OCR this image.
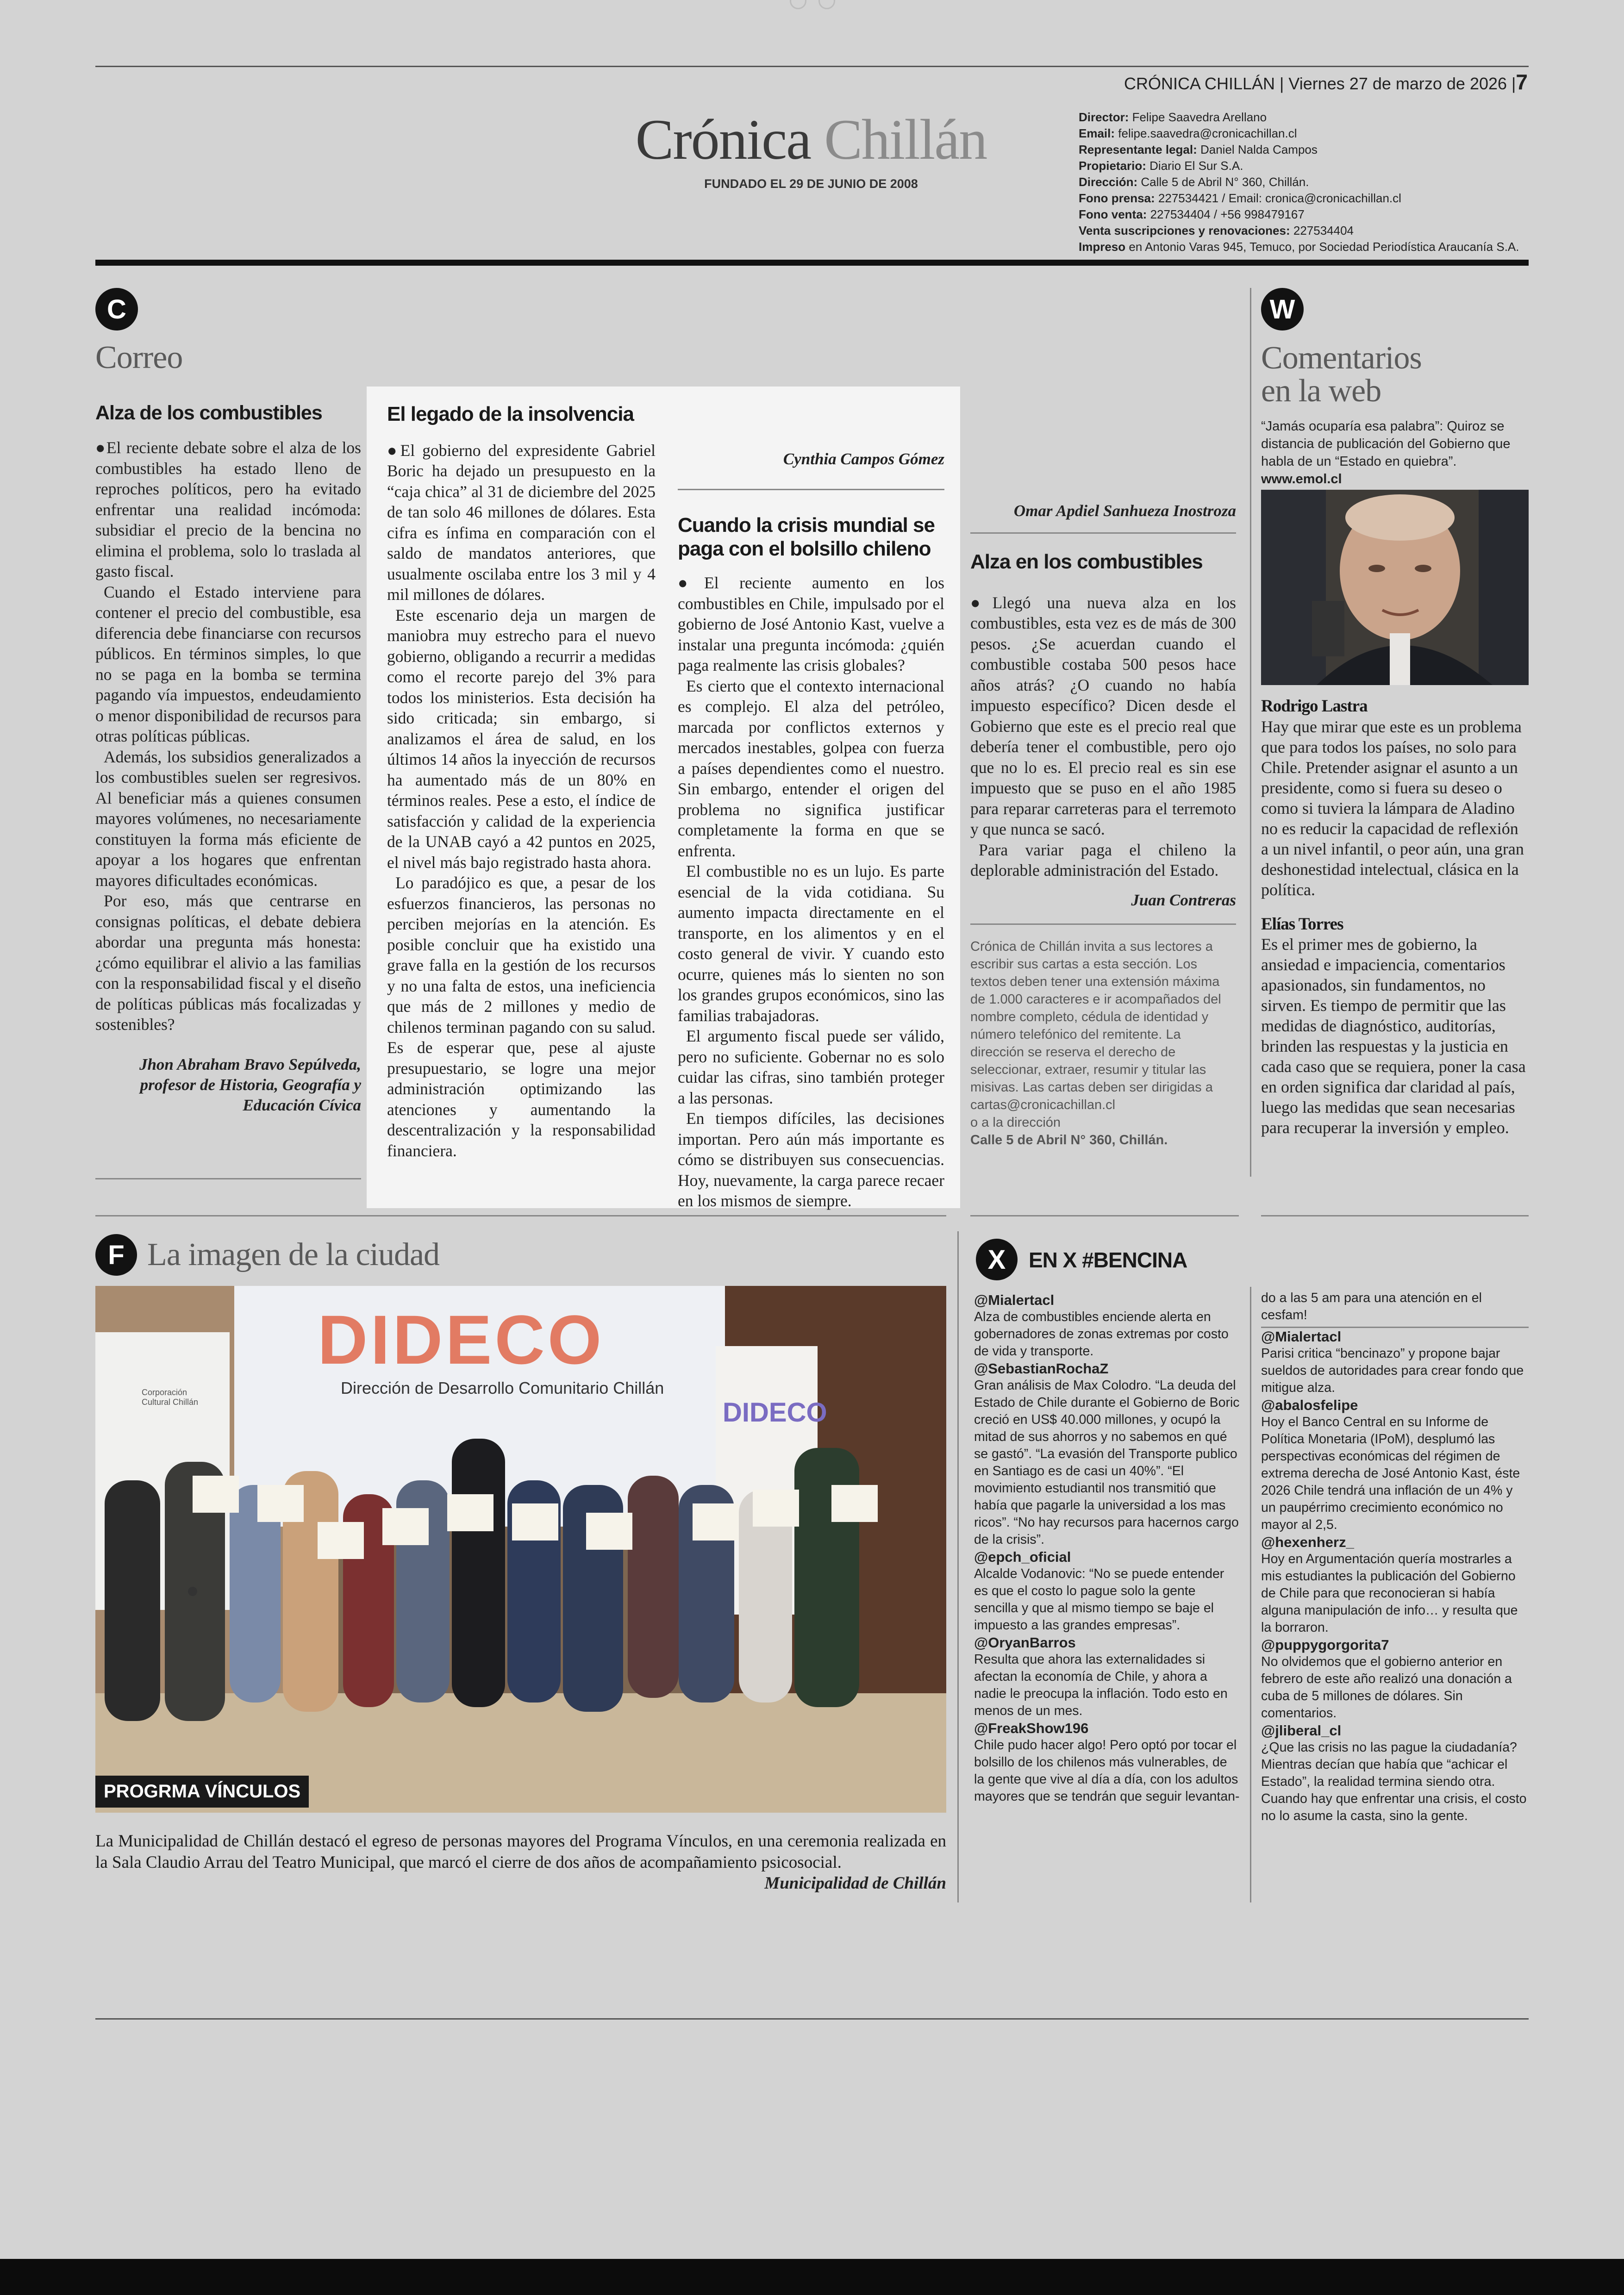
CRÓNICA CHILLÁN | Viernes 27 de marzo de 2026 |7
Crónica Chillán
FUNDADO EL 29 DE JUNIO DE 2008
Director: Felipe Saavedra Arellano
Email: felipe.saavedra@cronicachillan.cl
Representante legal: Daniel Nalda Campos
Propietario: Diario El Sur S.A.
Dirección: Calle 5 de Abril N° 360, Chillán.
Fono prensa: 227534421 / Email: cronica@cronicachillan.cl
Fono venta: 227534404 / +56 998479167
Venta suscripciones y renovaciones: 227534404
Impreso en Antonio Varas 945, Temuco, por Sociedad Periodística Araucanía S.A.
C
Correo
Alza de los combustibles

●El reciente debate sobre el alza de los combustibles ha estado lleno de reproches políticos, pero ha evitado enfrentar una realidad incómoda: subsidiar el precio de la bencina no elimina el problema, solo lo traslada al gasto fiscal.

Cuando el Estado interviene para contener el precio del combustible, esa diferencia debe financiarse con recursos públicos. En términos simples, lo que no se paga en la bomba se termina pagando vía impuestos, endeudamiento o menor disponibilidad de recursos para otras políticas públicas.

Además, los subsidios generalizados a los combustibles suelen ser regresivos. Al beneficiar más a quienes consumen mayores volúmenes, no necesariamente constituyen la forma más eficiente de apoyar a los hogares que enfrentan mayores dificultades económicas.

Por eso, más que centrarse en consignas políticas, el debate debiera abordar una pregunta más honesta: ¿cómo equilibrar el alivio a las familias con la responsabilidad fiscal y el diseño de políticas públicas más focalizadas y sostenibles?

Jhon Abraham Bravo Sepúlveda, profesor de Historia, Geografía y Educación Cívica
El legado de la insolvencia

●El gobierno del expresidente Gabriel Boric ha dejado un presupuesto en la “caja chica” al 31 de diciembre del 2025 de tan solo 46 millones de dólares. Esta cifra es ínfima en comparación con el saldo de mandatos anteriores, que usualmente oscilaba entre los 3 mil y 4 mil millones de dólares.

Este escenario deja un margen de maniobra muy estrecho para el nuevo gobierno, obligando a recurrir a medidas como el recorte parejo del 3% para todos los ministerios. Esta decisión ha sido criticada; sin embargo, si analizamos el área de salud, en los últimos 14 años la inyección de recursos ha aumentado más de un 80% en términos reales. Pese a esto, el índice de satisfacción y calidad de la experiencia de la UNAB cayó a 42 puntos en 2025, el nivel más bajo registrado hasta ahora.

Lo paradójico es que, a pesar de los esfuerzos financieros, las personas no perciben mejorías en la atención. Es posible concluir que ha existido una grave falla en la gestión de los recursos y no una falta de estos, una ineficiencia que más de 2 millones y medio de chilenos terminan pagando con su salud. Es de esperar que, pese al ajuste presupuestario, se logre una mejor administración optimizando las atenciones y aumentando la descentralización y la responsabilidad financiera.

Cynthia Campos Gómez
Cuando la crisis mundial se paga con el bolsillo chileno

●El reciente aumento en los combustibles en Chile, impulsado por el gobierno de José Antonio Kast, vuelve a instalar una pregunta incómoda: ¿quién paga realmente las crisis globales?

Es cierto que el contexto internacional es complejo. El alza del petróleo, marcada por conflictos externos y mercados inestables, golpea con fuerza a países dependientes como el nuestro. Sin embargo, entender el origen del problema no significa justificar completamente la forma en que se enfrenta.

El combustible no es un lujo. Es parte esencial de la vida cotidiana. Su aumento impacta directamente en el transporte, en los alimentos y en el costo general de vivir. Y cuando esto ocurre, quienes más lo sienten no son los grandes grupos económicos, sino las familias trabajadoras.

El argumento fiscal puede ser válido, pero no suficiente. Gobernar no es solo cuidar las cifras, sino también proteger a las personas.

En tiempos difíciles, las decisiones importan. Pero aún más importante es cómo se distribuyen sus consecuencias. Hoy, nuevamente, la carga parece recaer en los mismos de siempre.

Omar Apdiel Sanhueza Inostroza
Alza en los combustibles

●Llegó una nueva alza en los combustibles, esta vez es de más de 300 pesos. ¿Se acuerdan cuando el combustible costaba 500 pesos hace años atrás? ¿O cuando no había impuesto específico? Dicen desde el Gobierno que este es el precio real que debería tener el combustible, pero ojo que no lo es. El precio real es sin ese impuesto que se puso en el año 1985 para reparar carreteras para el terremoto y que nunca se sacó.

Para variar paga el chileno la deplorable administración del Estado.

Juan Contreras
Crónica de Chillán invita a sus lectores a escribir sus cartas a esta sección. Los textos deben tener una extensión máxima de 1.000 caracteres e ir acompañados del nombre completo, cédula de identidad y número telefónico del remitente. La dirección se reserva el derecho de seleccionar, extraer, resumir y titular las misivas. Las cartas deben ser dirigidas a
cartas@cronicachillan.cl
o a la dirección
Calle 5 de Abril N° 360, Chillán.
W
Comentarios
en la web
“Jamás ocuparía esa palabra”: Quiroz se distancia de publicación del Gobierno que habla de un “Estado en quiebra”. www.emol.cl
Rodrigo Lastra
Hay que mirar que este es un problema que para todos los países, no solo para Chile. Pretender asignar el asunto a un presidente, como si fuera su deseo o como si tuviera la lámpara de Aladino no es reducir la capacidad de reflexión a un nivel infantil, o peor aún, una gran deshonestidad intelectual, clásica en la política.
Elías Torres
Es el primer mes de gobierno, la ansiedad e impaciencia, comentarios apasionados, sin fundamentos, no sirven. Es tiempo de permitir que las medidas de diagnóstico, auditorías, brinden las respuestas y la justicia en cada caso que se requiera, poner la casa en orden significa dar claridad al país, luego las medidas que sean necesarias para recuperar la inversión y empleo.
F La imagen de la ciudad
DIDECO
Dirección de Desarrollo Comunitario Chillán
DIDECO
Corporación Cultural Chillán
PROGRMA VÍNCULOS
La Municipalidad de Chillán destacó el egreso de personas mayores del Programa Vínculos, en una ceremonia realizada en la Sala Claudio Arrau del Teatro Municipal, que marcó el cierre de dos años de acompañamiento psicosocial.
Municipalidad de Chillán
X	EN X #BENCINA
@Mialertacl
Alza de combustibles enciende alerta en gobernadores de zonas extremas por costo de vida y transporte.
@SebastianRochaZ
Gran análisis de Max Colodro. “La deuda del Estado de Chile durante el Gobierno de Boric creció en US$ 40.000 millones, y ocupó la mitad de sus ahorros y no sabemos en qué se gastó”. “La evasión del Transporte publico en Santiago es de casi un 40%”. “El movimiento estudiantil nos transmitió que había que pagarle la universidad a los mas ricos”. “No hay recursos para hacernos cargo de la crisis”.
@epch_oficial
Alcalde Vodanovic: “No se puede entender es que el costo lo pague solo la gente sencilla y que al mismo tiempo se baje el impuesto a las grandes empresas”.
@OryanBarros
Resulta que ahora las externalidades si afectan la economía de Chile, y ahora a nadie le preocupa la inflación. Todo esto en menos de un mes.
@FreakShow196
Chile pudo hacer algo! Pero optó por tocar el bolsillo de los chilenos más vulnerables, de la gente que vive al día a día, con los adultos mayores que se tendrán que seguir levantan-
do a las 5 am para una atención en el cesfam!
@Mialertacl
Parisi critica “bencinazo” y propone bajar sueldos de autoridades para crear fondo que mitigue alza.
@abalosfelipe
Hoy el Banco Central en su Informe de Política Monetaria (IPoM), desplumó las perspectivas económicas del régimen de extrema derecha de José Antonio Kast, éste 2026 Chile tendrá una inflación de un 4% y un paupérrimo crecimiento económico no mayor al 2,5.
@hexenherz_
Hoy en Argumentación quería mostrarles a mis estudiantes la publicación del Gobierno de Chile para que reconocieran si había alguna manipulación de info… y resulta que la borraron.
@puppygorgorita7
No olvidemos que el gobierno anterior en febrero de este año realizó una donación a cuba de 5 millones de dólares. Sin comentarios.
@jliberal_cl
¿Que las crisis no las pague la ciudadanía? Mientras decían que había que “achicar el Estado”, la realidad termina siendo otra. Cuando hay que enfrentar una crisis, el costo no lo asume la casta, sino la gente.
